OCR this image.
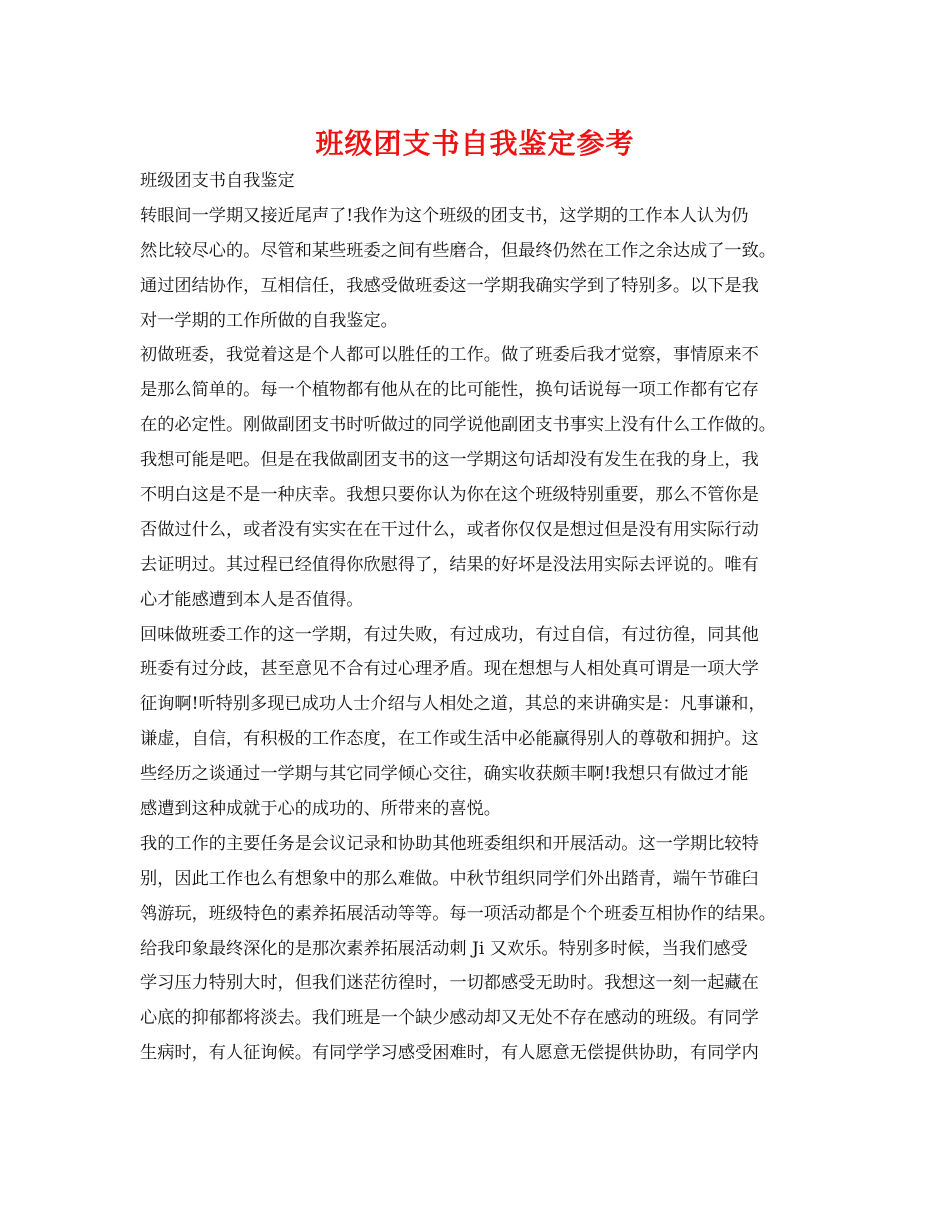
班级团支书自我鉴定参考
班级团支书自我鉴定
转眼间一学期又接近尾声了!我作为这个班级的团支书，这学期的工作本人认为仍
然比较尽心的。尽管和某些班委之间有些磨合，但最终仍然在工作之余达成了一致。
通过团结协作，互相信任，我感受做班委这一学期我确实学到了特别多。以下是我
对一学期的工作所做的自我鉴定。
初做班委，我觉着这是个人都可以胜任的工作。做了班委后我才觉察，事情原来不
是那么简单的。每一个植物都有他从在的比可能性，换句话说每一项工作都有它存
在的必定性。刚做副团支书时听做过的同学说他副团支书事实上没有什么工作做的。
我想可能是吧。但是在我做副团支书的这一学期这句话却没有发生在我的身上，我
不明白这是不是一种庆幸。我想只要你认为你在这个班级特别重要，那么不管你是
否做过什么，或者没有实实在在干过什么，或者你仅仅是想过但是没有用实际行动
去证明过。其过程已经值得你欣慰得了，结果的好坏是没法用实际去评说的。唯有
心才能感遭到本人是否值得。
回味做班委工作的这一学期，有过失败，有过成功，有过自信，有过彷徨，同其他
班委有过分歧，甚至意见不合有过心理矛盾。现在想想与人相处真可谓是一项大学
征询啊!听特别多现已成功人士介绍与人相处之道，其总的来讲确实是：凡事谦和，
谦虚，自信，有积极的工作态度，在工作或生活中必能赢得别人的尊敬和拥护。这
些经历之谈通过一学期与其它同学倾心交往，确实收获颇丰啊!我想只有做过才能
感遭到这种成就于心的成功的、所带来的喜悦。
我的工作的主要任务是会议记录和协助其他班委组织和开展活动。这一学期比较特
别，因此工作也么有想象中的那么难做。中秋节组织同学们外出踏青，端午节碓臼
鸰游玩，班级特色的素养拓展活动等等。每一项活动都是个个班委互相协作的结果。
给我印象最终深化的是那次素养拓展活动刺 Ji 又欢乐。特别多时候，当我们感受
学习压力特别大时，但我们迷茫彷徨时，一切都感受无助时。我想这一刻一起藏在
心底的抑郁都将淡去。我们班是一个缺少感动却又无处不存在感动的班级。有同学
生病时，有人征询候。有同学学习感受困难时，有人愿意无偿提供协助，有同学内
